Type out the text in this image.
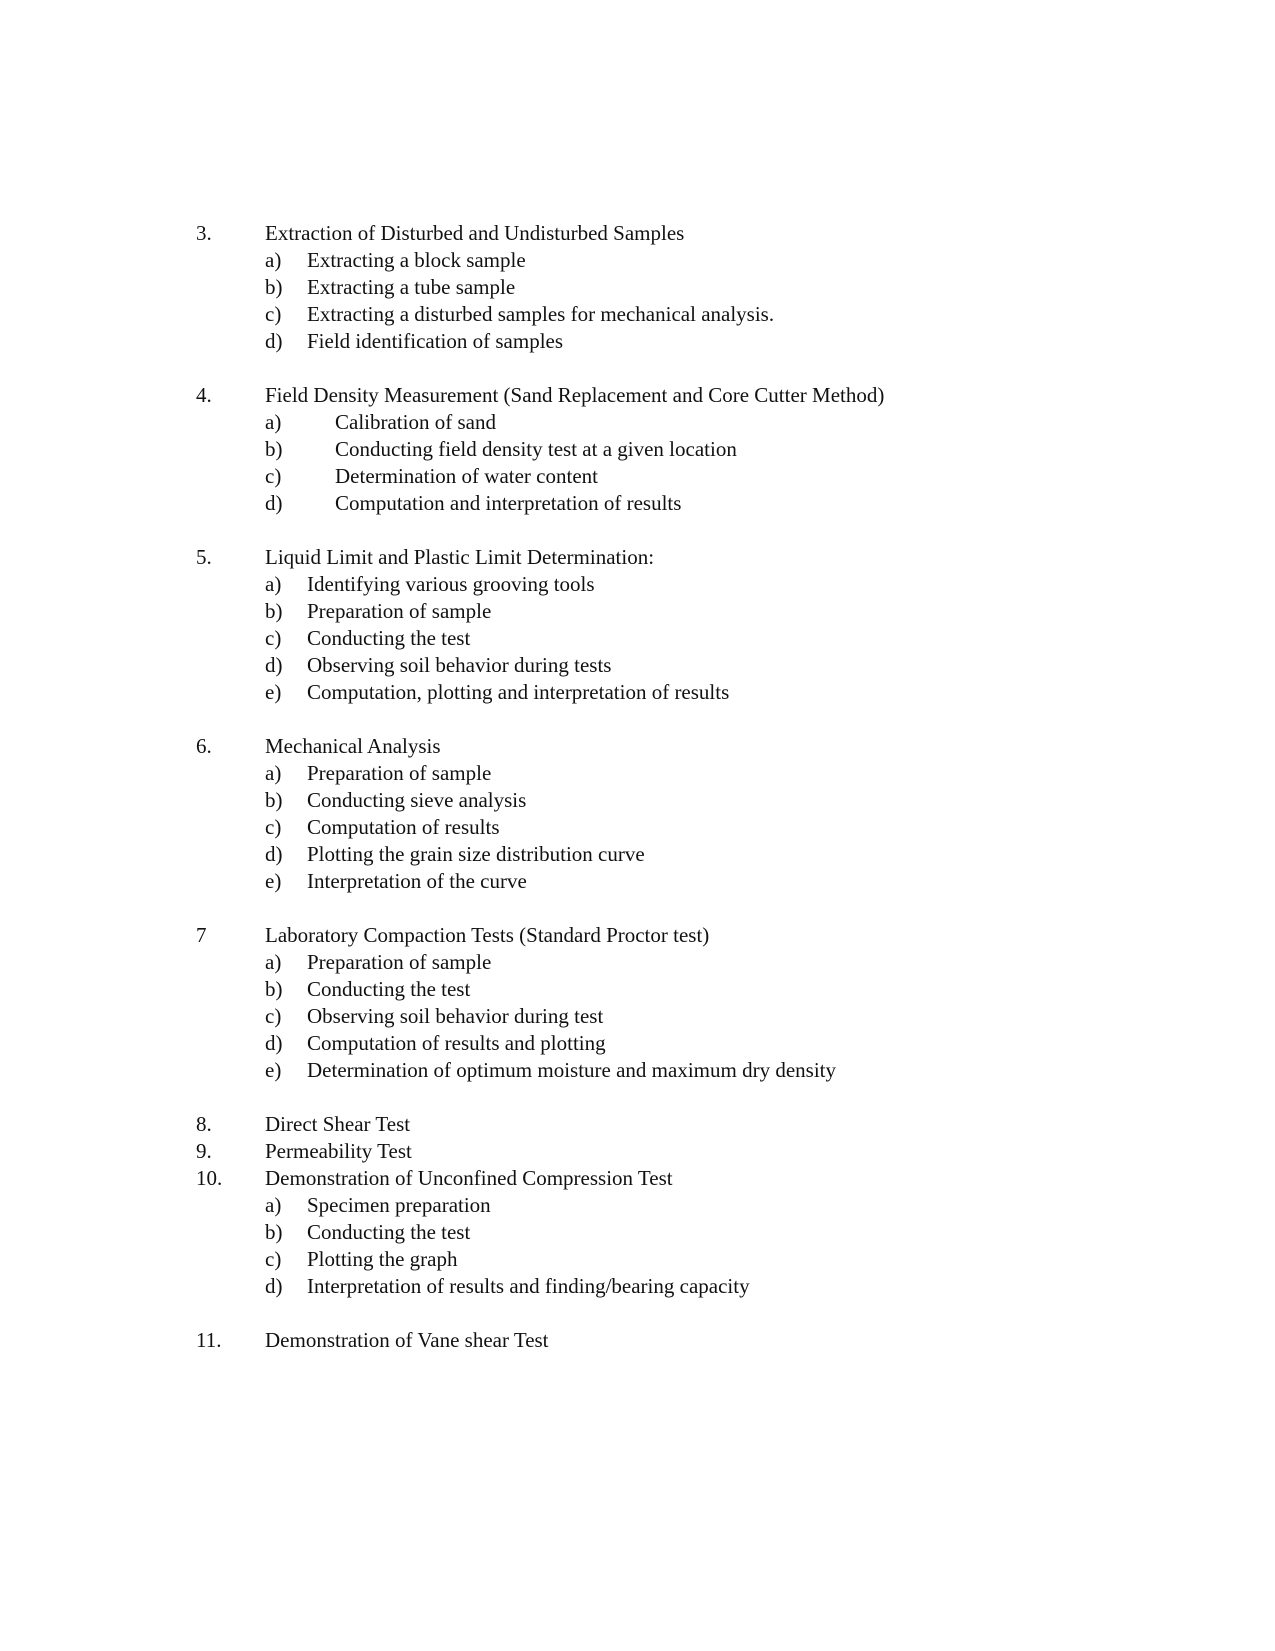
3.	Extraction of Disturbed and Undisturbed Samples
a) Extracting a block sample
b) Extracting a tube sample
c) Extracting a disturbed samples for mechanical analysis.
d) Field identification of samples
4.	Field Density Measurement (Sand Replacement and Core Cutter Method)
a)	Calibration of sand
b)	Conducting field density test at a given location
c)	Determination of water content
d)	Computation and interpretation of results
5.	Liquid Limit and Plastic Limit Determination:
a) Identifying various grooving tools
b) Preparation of sample
c) Conducting the test
d) Observing soil behavior during tests
e) Computation, plotting and interpretation of results
6.	Mechanical Analysis
a) Preparation of sample
b) Conducting sieve analysis
c) Computation of results
d) Plotting the grain size distribution curve
e) Interpretation of the curve
7	Laboratory Compaction Tests (Standard Proctor test)
a) Preparation of sample
b) Conducting the test
c) Observing soil behavior during test
d) Computation of results and plotting
e) Determination of optimum moisture and maximum dry density
8.	Direct Shear Test
9.	Permeability Test
10. Demonstration of Unconfined Compression Test
a) Specimen preparation
b) Conducting the test
c) Plotting the graph
d) Interpretation of results and finding/bearing capacity
11. Demonstration of Vane shear Test
